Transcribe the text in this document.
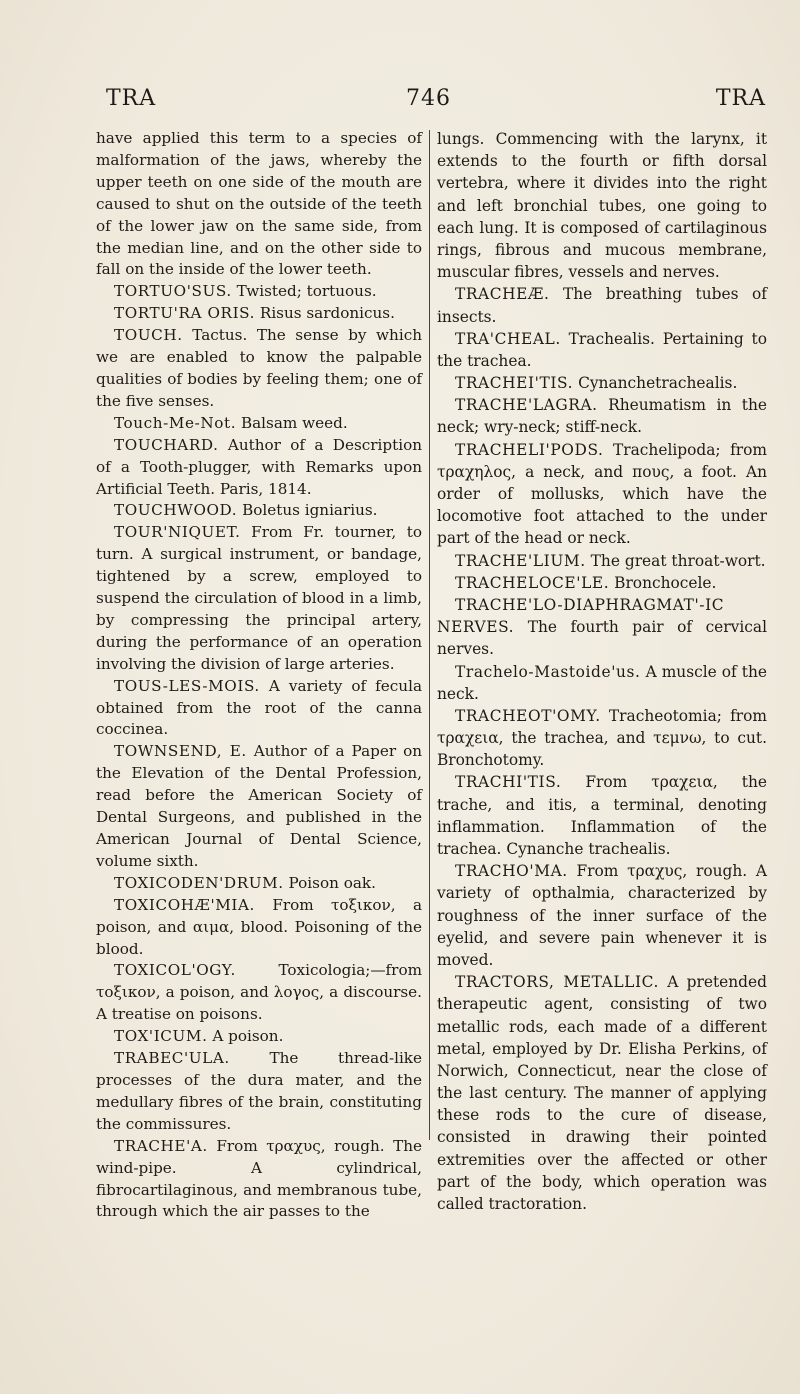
TRA	746	TRA

have applied this term to a species of malformation of the jaws, whereby the upper teeth on one side of the mouth are caused to shut on the outside of the teeth of the lower jaw on the same side, from the median line, and on the other side to fall on the inside of the lower teeth.

TORTUO'SUS. Twisted; tortuous.

TORTU'RA ORIS. Risus sardonicus.

TOUCH. Tactus. The sense by which we are enabled to know the palpable qualities of bodies by feeling them; one of the five senses.

Touch-Me-Not. Balsam weed.

TOUCHARD. Author of a Description of a Tooth-plugger, with Remarks upon Artificial Teeth. Paris, 1814.

TOUCHWOOD. Boletus igniarius.

TOUR'NIQUET. From Fr. tourner, to turn. A surgical instrument, or bandage, tightened by a screw, employed to suspend the circulation of blood in a limb, by compressing the principal artery, during the performance of an operation involving the division of large arteries.

TOUS-LES-MOIS. A variety of fecula obtained from the root of the canna coccinea.

TOWNSEND, E. Author of a Paper on the Elevation of the Dental Profession, read before the American Society of Dental Surgeons, and published in the American Journal of Dental Science, volume sixth.

TOXICODEN'DRUM. Poison oak.

TOXICOHÆ'MIA. From τοξικον, a poison, and αιμα, blood. Poisoning of the blood.

TOXICOL'OGY.	Toxicologia;—from τοξικον, a poison, and λογος, a discourse. A treatise on poisons.

TOX'ICUM. A poison.

TRABEC'ULA.	The thread-like processes of the dura mater, and the medullary fibres of the brain, constituting the commissures.

TRACHE'A. From τραχυς, rough. The wind-pipe. A cylindrical, fibrocartilaginous, and membranous tube, through which the air passes to the

lungs. Commencing with the larynx, it extends to the fourth or fifth dorsal vertebra, where it divides into the right and left bronchial tubes, one going to each lung. It is composed of cartilaginous rings, fibrous and mucous membrane, muscular fibres, vessels and nerves.

TRACHEÆ. The breathing tubes of insects.

TRA'CHEAL. Trachealis. Pertaining to the trachea.

TRACHEI'TIS. Cynanchetrachealis.

TRACHE'LAGRA. Rheumatism in the neck; wry-neck; stiff-neck.

TRACHELI'PODS. Trachelipoda; from τραχηλος, a neck, and πους, a foot. An order of mollusks, which have the locomotive foot attached to the under part of the head or neck.

TRACHE'LIUM. The great throat-wort.

TRACHELOCE'LE. Bronchocele.

TRACHE'LO-DIAPHRAGMAT'-IC NERVES. The fourth pair of cervical nerves.

Trachelo-Mastoide'us. A muscle of the neck.

TRACHEOT'OMY. Tracheotomia; from τραχεια, the trachea, and τεμνω, to cut. Bronchotomy.

TRACHI'TIS. From τραχεια, the trache, and itis, a terminal, denoting inflammation. Inflammation of the trachea. Cynanche trachealis.

TRACHO'MA. From τραχυς, rough. A variety of opthalmia, characterized by roughness of the inner surface of the eyelid, and severe pain whenever it is moved.

TRACTORS, METALLIC. A pretended therapeutic agent, consisting of two metallic rods, each made of a different metal, employed by Dr. Elisha Perkins, of Norwich, Connecticut, near the close of the last century. The manner of applying these rods to the cure of disease, consisted in drawing their pointed extremities over the affected or other part of the body, which operation was called tractoration.
